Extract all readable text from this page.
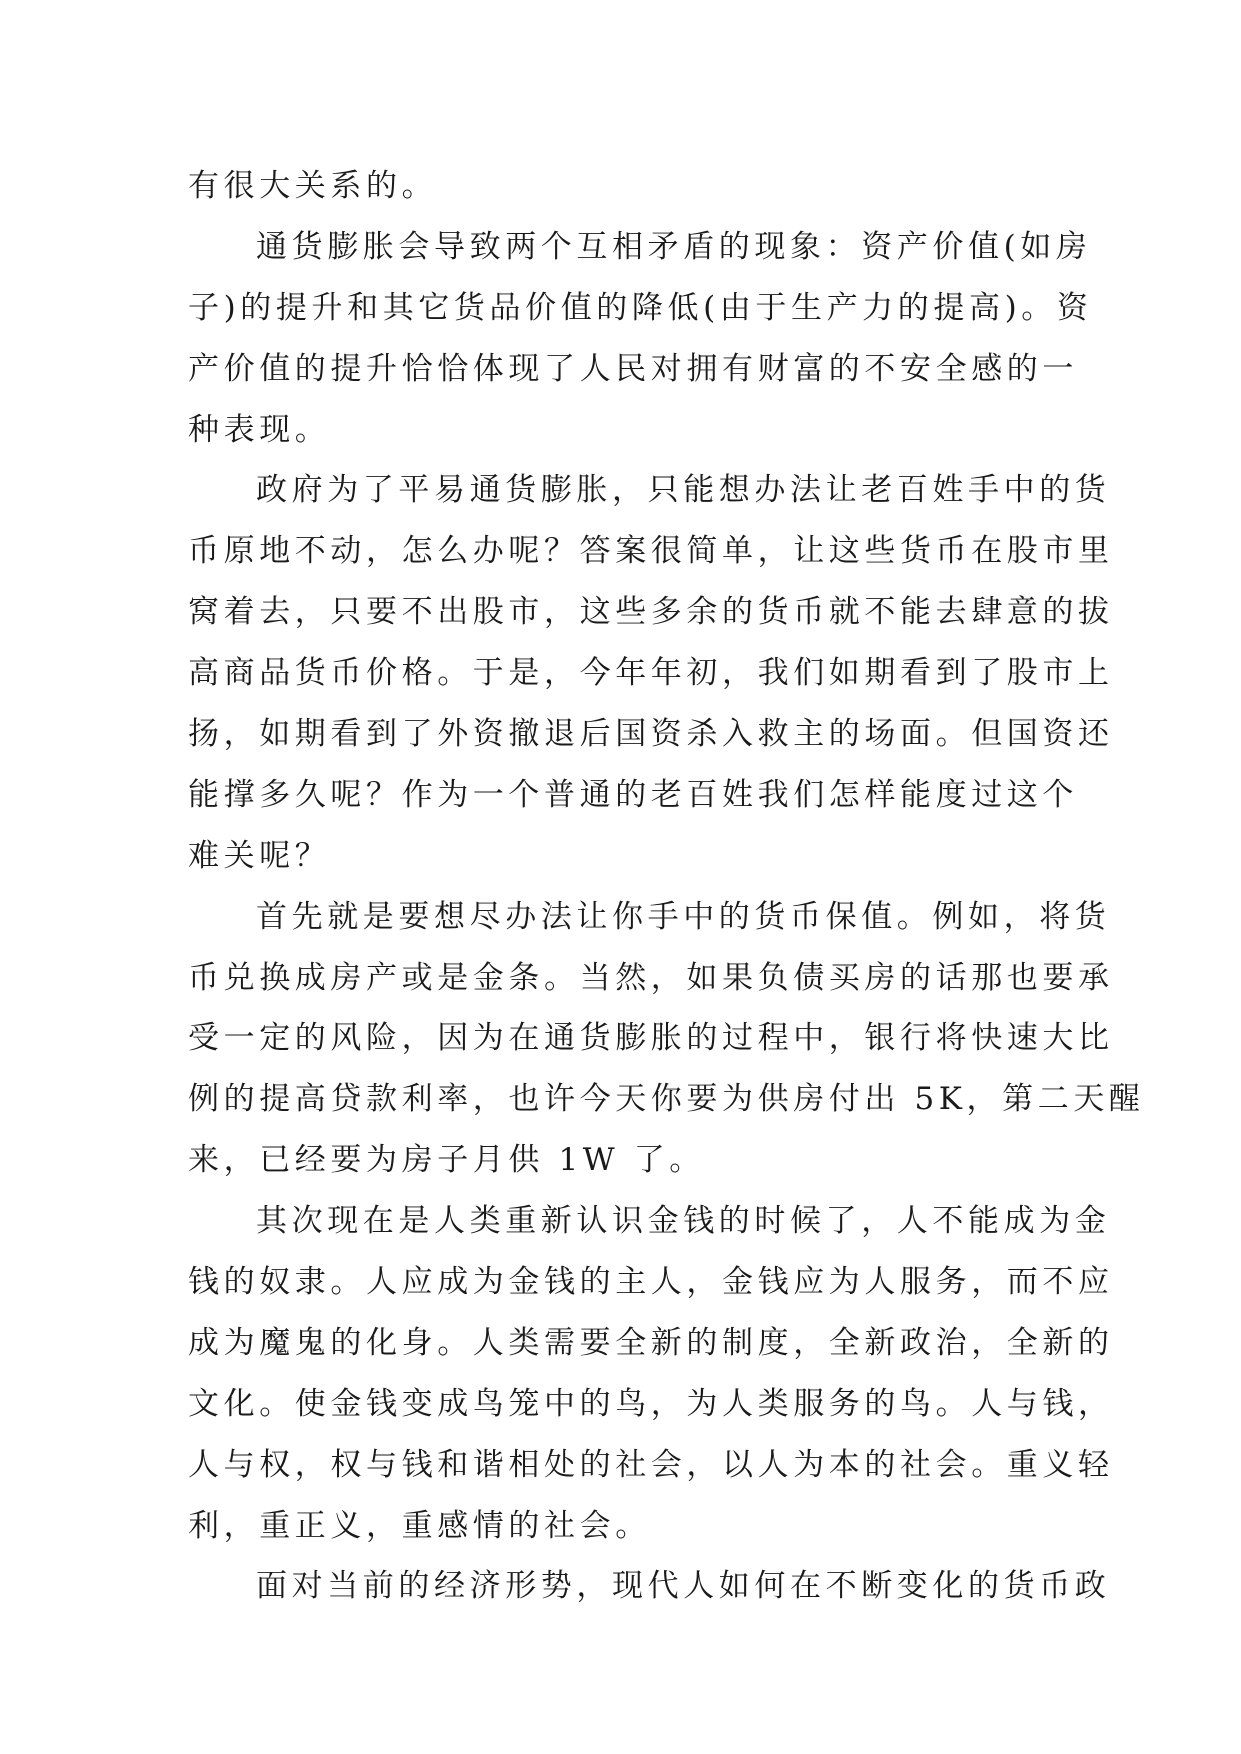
有很大关系的。
通货膨胀会导致两个互相矛盾的现象：资产价值(如房
子)的提升和其它货品价值的降低(由于生产力的提高)。资
产价值的提升恰恰体现了人民对拥有财富的不安全感的一
种表现。
政府为了平易通货膨胀，只能想办法让老百姓手中的货
币原地不动，怎么办呢？答案很简单，让这些货币在股市里
窝着去，只要不出股市，这些多余的货币就不能去肆意的拔
高商品货币价格。于是，今年年初，我们如期看到了股市上
扬，如期看到了外资撤退后国资杀入救主的场面。但国资还
能撑多久呢？作为一个普通的老百姓我们怎样能度过这个
难关呢？
首先就是要想尽办法让你手中的货币保值。例如，将货
币兑换成房产或是金条。当然，如果负债买房的话那也要承
受一定的风险，因为在通货膨胀的过程中，银行将快速大比
例的提高贷款利率，也许今天你要为供房付出 5K，第二天醒
来，已经要为房子月供 1W 了。
其次现在是人类重新认识金钱的时候了，人不能成为金
钱的奴隶。人应成为金钱的主人，金钱应为人服务，而不应
成为魔鬼的化身。人类需要全新的制度，全新政治，全新的
文化。使金钱变成鸟笼中的鸟，为人类服务的鸟。人与钱，
人与权，权与钱和谐相处的社会，以人为本的社会。重义轻
利，重正义，重感情的社会。
面对当前的经济形势，现代人如何在不断变化的货币政
